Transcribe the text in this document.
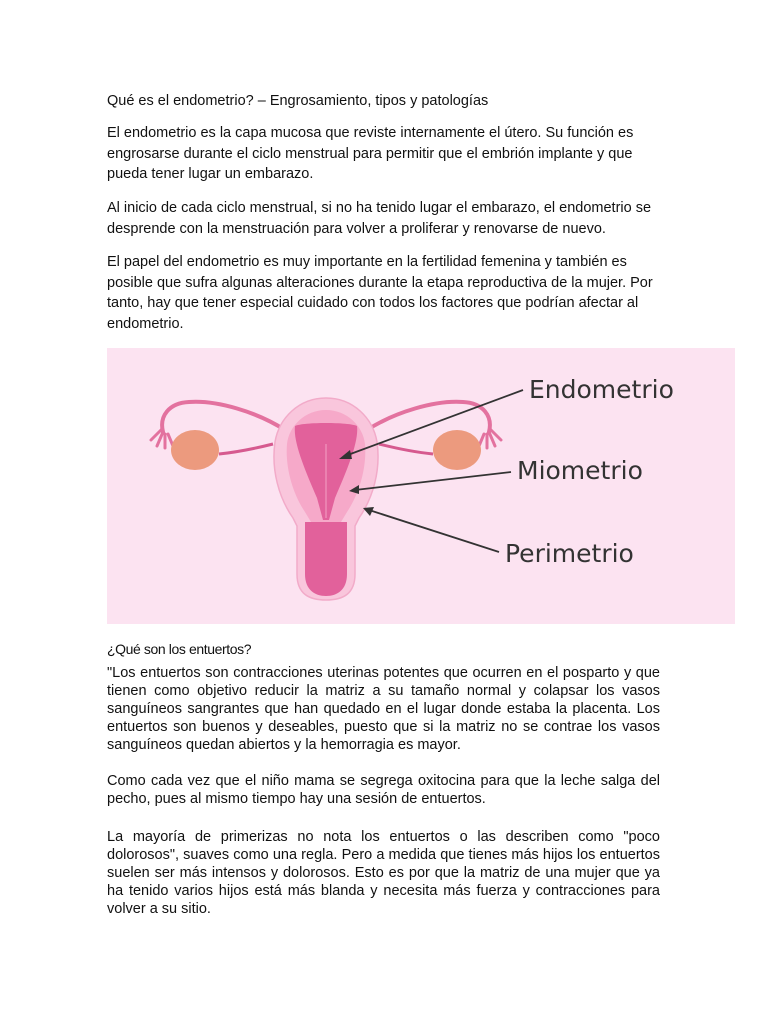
Qué es el endometrio? – Engrosamiento, tipos y patologías

El endometrio es la capa mucosa que reviste internamente el útero. Su función es engrosarse durante el ciclo menstrual para permitir que el embrión implante y que pueda tener lugar un embarazo.

Al inicio de cada ciclo menstrual, si no ha tenido lugar el embarazo, el endometrio se desprende con la menstruación para volver a proliferar y renovarse de nuevo.

El papel del endometrio es muy importante en la fertilidad femenina y también es posible que sufra algunas alteraciones durante la etapa reproductiva de la mujer. Por tanto, hay que tener especial cuidado con todos los factores que podrían afectar al endometrio.

Endometrio
Miometrio
Perimetrio
¿Qué son los entuertos?

"Los entuertos son contracciones uterinas potentes que ocurren en el posparto y que tienen como objetivo reducir la matriz a su tamaño normal y colapsar los vasos sanguíneos sangrantes que han quedado en el lugar donde estaba la placenta. Los entuertos son buenos y deseables, puesto que si la matriz no se contrae los vasos sanguíneos quedan abiertos y la hemorragia es mayor.

Como cada vez que el niño mama se segrega oxitocina para que la leche salga del pecho, pues al mismo tiempo hay una sesión de entuertos.

La mayoría de primerizas no nota los entuertos o las describen como "poco dolorosos", suaves como una regla. Pero a medida que tienes más hijos los entuertos suelen ser más intensos y dolorosos. Esto es por que la matriz de una mujer que ya ha tenido varios hijos está más blanda y necesita más fuerza y contracciones para volver a su sitio.
